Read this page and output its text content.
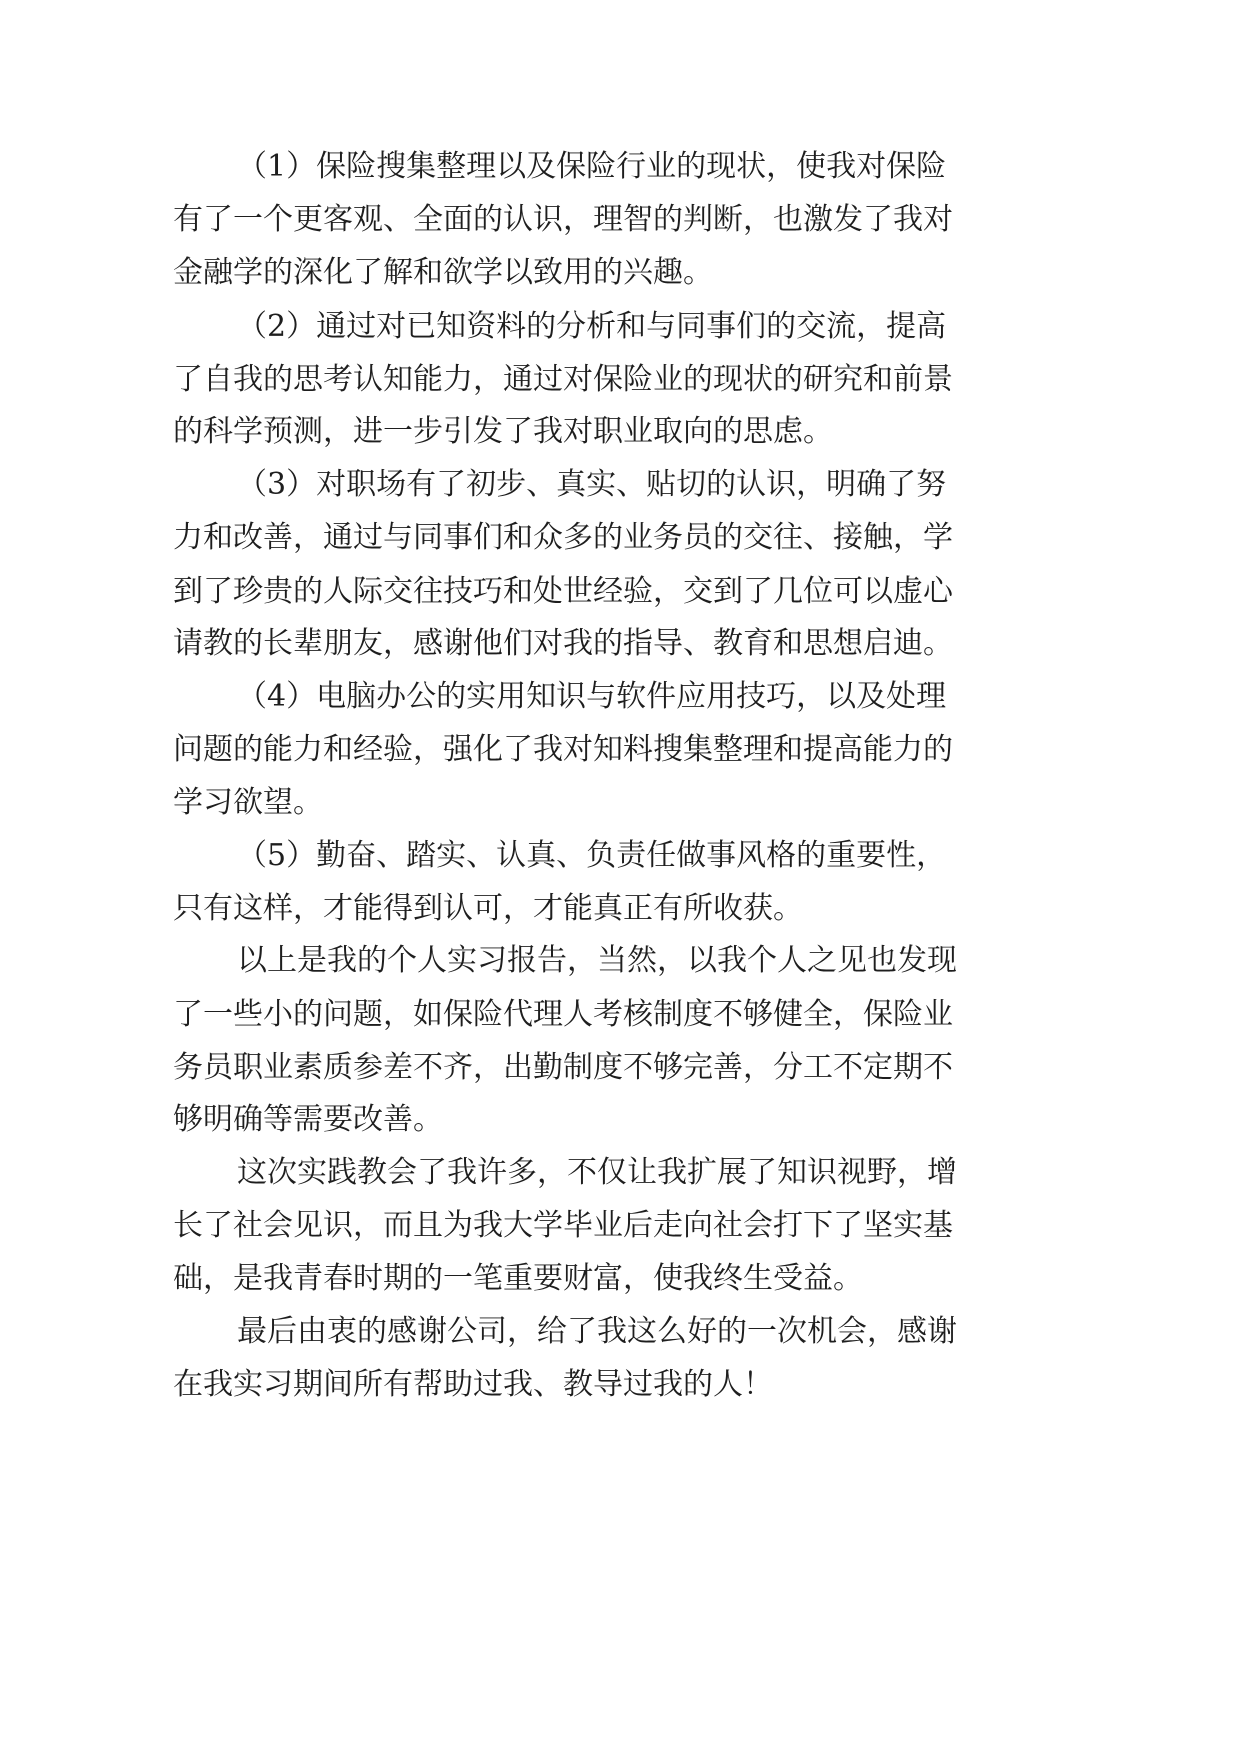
（1）保险搜集整理以及保险行业的现状，使我对保险
有了一个更客观、全面的认识，理智的判断，也激发了我对
金融学的深化了解和欲学以致用的兴趣。
（2）通过对已知资料的分析和与同事们的交流，提高
了自我的思考认知能力，通过对保险业的现状的研究和前景
的科学预测，进一步引发了我对职业取向的思虑。
（3）对职场有了初步、真实、贴切的认识，明确了努
力和改善，通过与同事们和众多的业务员的交往、接触，学
到了珍贵的人际交往技巧和处世经验，交到了几位可以虚心
请教的长辈朋友，感谢他们对我的指导、教育和思想启迪。
（4）电脑办公的实用知识与软件应用技巧，以及处理
问题的能力和经验，强化了我对知料搜集整理和提高能力的
学习欲望。
（5）勤奋、踏实、认真、负责任做事风格的重要性，
只有这样，才能得到认可，才能真正有所收获。
以上是我的个人实习报告，当然，以我个人之见也发现
了一些小的问题，如保险代理人考核制度不够健全，保险业
务员职业素质参差不齐，出勤制度不够完善，分工不定期不
够明确等需要改善。
这次实践教会了我许多，不仅让我扩展了知识视野，增
长了社会见识，而且为我大学毕业后走向社会打下了坚实基
础，是我青春时期的一笔重要财富，使我终生受益。
最后由衷的感谢公司，给了我这么好的一次机会，感谢
在我实习期间所有帮助过我、教导过我的人！
